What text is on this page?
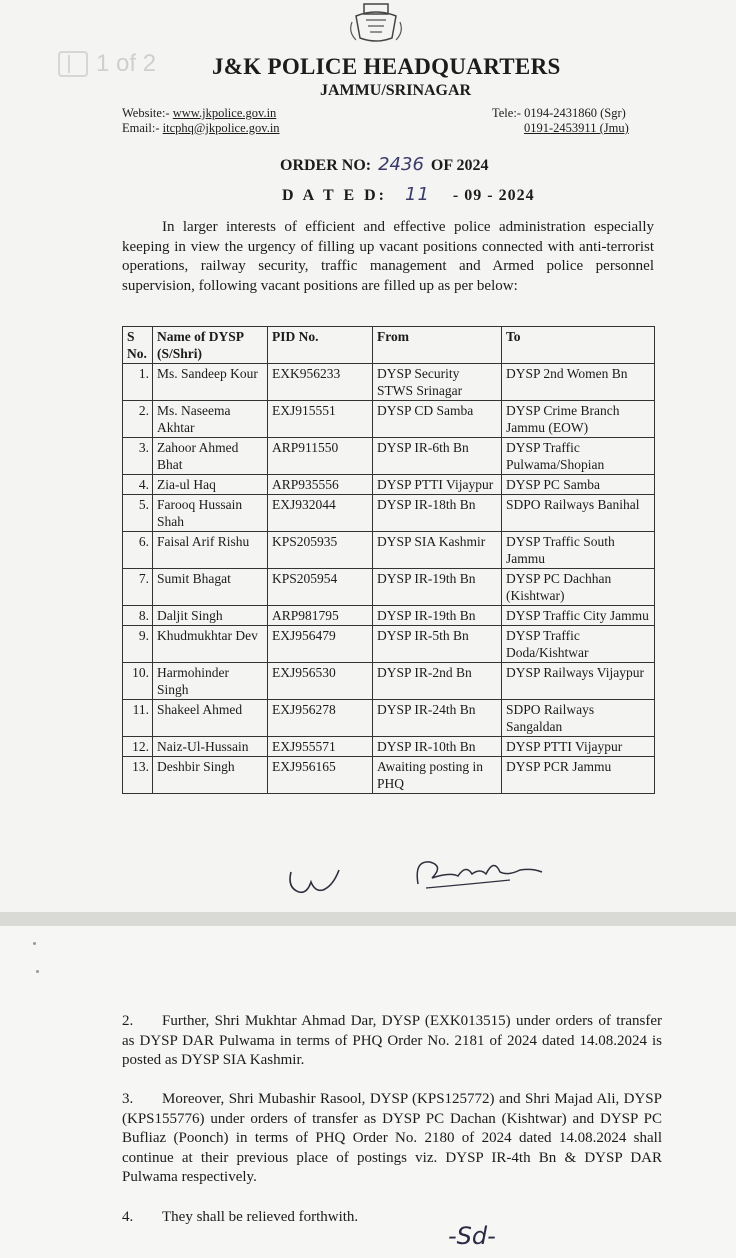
1 of 2 J&K POLICE HEADQUARTERS
JAMMU/SRINAGAR
Website:- www.jkpolice.gov.in
Email:- itcphq@jkpolice.gov.in
Tele:- 0194-2431860 (Sgr)
0191-2453911 (Jmu)
ORDER NO: 2436 OF 2024
D A T E D: 11 - 09 - 2024
In larger interests of efficient and effective police administration especially keeping in view the urgency of filling up vacant positions connected with anti-terrorist operations, railway security, traffic management and Armed police personnel supervision, following vacant positions are filled up as per below:
S No.	Name of DYSP (S/Shri)	PID No.	From	To
1.	Ms. Sandeep Kour	EXK956233	DYSP Security STWS Srinagar	DYSP 2nd Women Bn
2.	Ms. Naseema Akhtar	EXJ915551	DYSP CD Samba	DYSP Crime Branch Jammu (EOW)
3.	Zahoor Ahmed Bhat	ARP911550	DYSP IR-6th Bn	DYSP Traffic Pulwama/Shopian
4.	Zia-ul Haq	ARP935556	DYSP PTTI Vijaypur	DYSP PC Samba
5.	Farooq Hussain Shah	EXJ932044	DYSP IR-18th Bn	SDPO Railways Banihal
6.	Faisal Arif Rishu	KPS205935	DYSP SIA Kashmir	DYSP Traffic South Jammu
7.	Sumit Bhagat	KPS205954	DYSP IR-19th Bn	DYSP PC Dachhan (Kishtwar)
8.	Daljit Singh	ARP981795	DYSP IR-19th Bn	DYSP Traffic City Jammu
9.	Khudmukhtar Dev	EXJ956479	DYSP IR-5th Bn	DYSP Traffic Doda/Kishtwar
10.	Harmohinder Singh	EXJ956530	DYSP IR-2nd Bn	DYSP Railways Vijaypur
11.	Shakeel Ahmed	EXJ956278	DYSP IR-24th Bn	SDPO Railways Sangaldan
12.	Naiz-Ul-Hussain	EXJ955571	DYSP IR-10th Bn	DYSP PTTI Vijaypur
13.	Deshbir Singh	EXJ956165	Awaiting posting in PHQ	DYSP PCR Jammu
2. Further, Shri Mukhtar Ahmad Dar, DYSP (EXK013515) under orders of transfer as DYSP DAR Pulwama in terms of PHQ Order No. 2181 of 2024 dated 14.08.2024 is posted as DYSP SIA Kashmir.
3. Moreover, Shri Mubashir Rasool, DYSP (KPS125772) and Shri Majad Ali, DYSP (KPS155776) under orders of transfer as DYSP PC Dachan (Kishtwar) and DYSP PC Bufliaz (Poonch) in terms of PHQ Order No. 2180 of 2024 dated 14.08.2024 shall continue at their previous place of postings viz. DYSP IR-4th Bn & DYSP DAR Pulwama respectively.
4. They shall be relieved forthwith.
-Sd-
